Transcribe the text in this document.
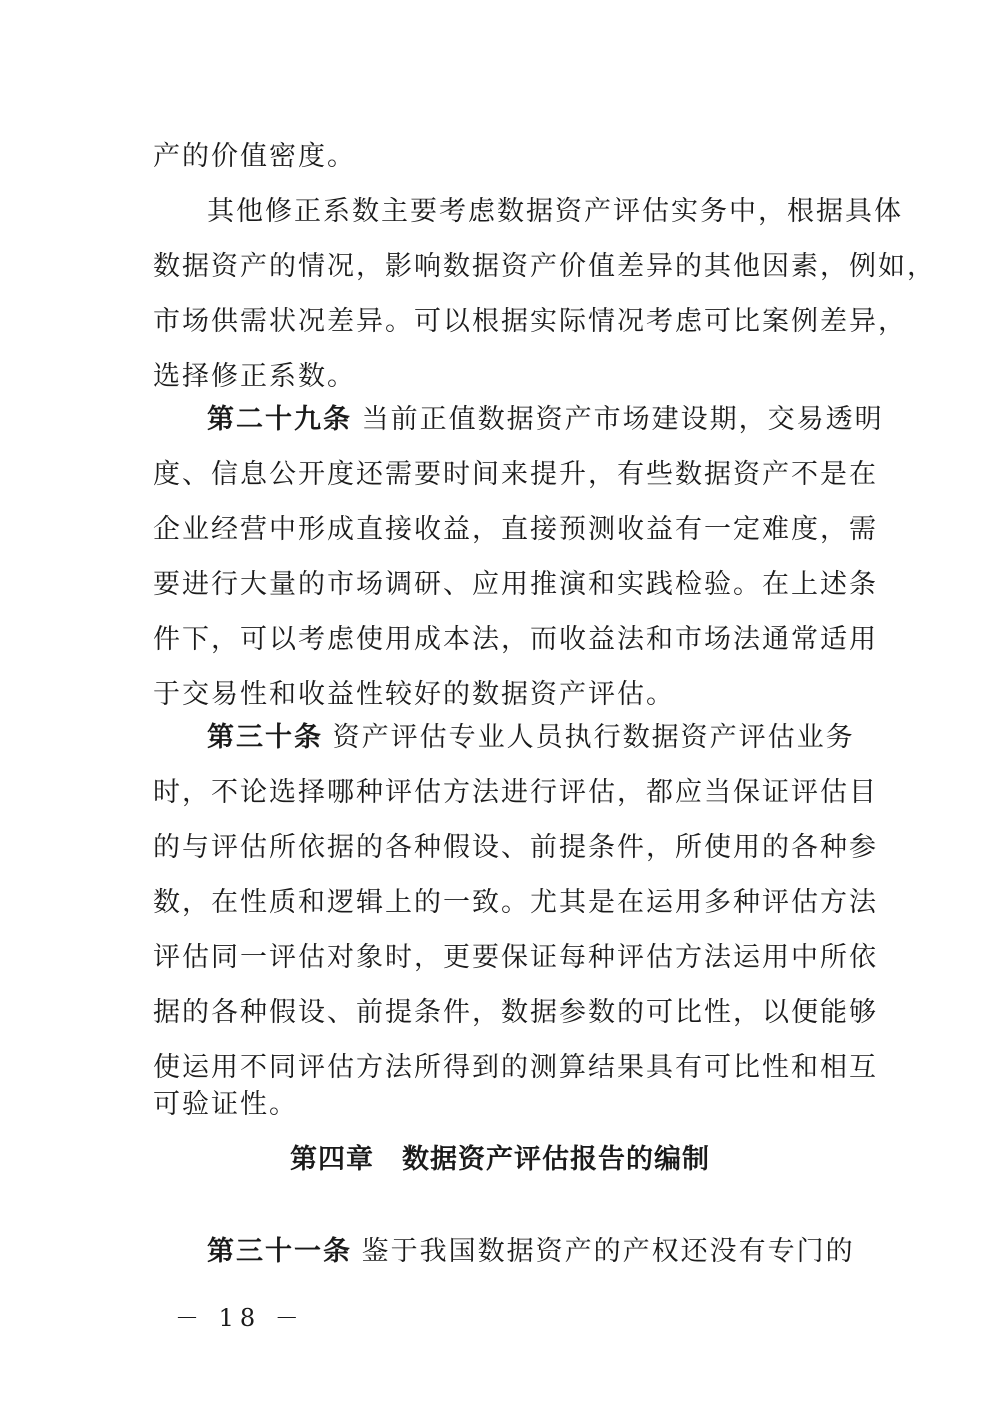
产的价值密度。
其他修正系数主要考虑数据资产评估实务中，根据具体
数据资产的情况，影响数据资产价值差异的其他因素，例如，
市场供需状况差异。可以根据实际情况考虑可比案例差异，
选择修正系数。
第二十九条 当前正值数据资产市场建设期，交易透明
度、信息公开度还需要时间来提升，有些数据资产不是在
企业经营中形成直接收益，直接预测收益有一定难度，需
要进行大量的市场调研、应用推演和实践检验。在上述条
件下，可以考虑使用成本法，而收益法和市场法通常适用
于交易性和收益性较好的数据资产评估。
第三十条 资产评估专业人员执行数据资产评估业务
时，不论选择哪种评估方法进行评估，都应当保证评估目
的与评估所依据的各种假设、前提条件，所使用的各种参
数，在性质和逻辑上的一致。尤其是在运用多种评估方法
评估同一评估对象时，更要保证每种评估方法运用中所依
据的各种假设、前提条件，数据参数的可比性，以便能够
使运用不同评估方法所得到的测算结果具有可比性和相互
可验证性。
第四章　数据资产评估报告的编制
第三十一条 鉴于我国数据资产的产权还没有专门的
－ 18 －
